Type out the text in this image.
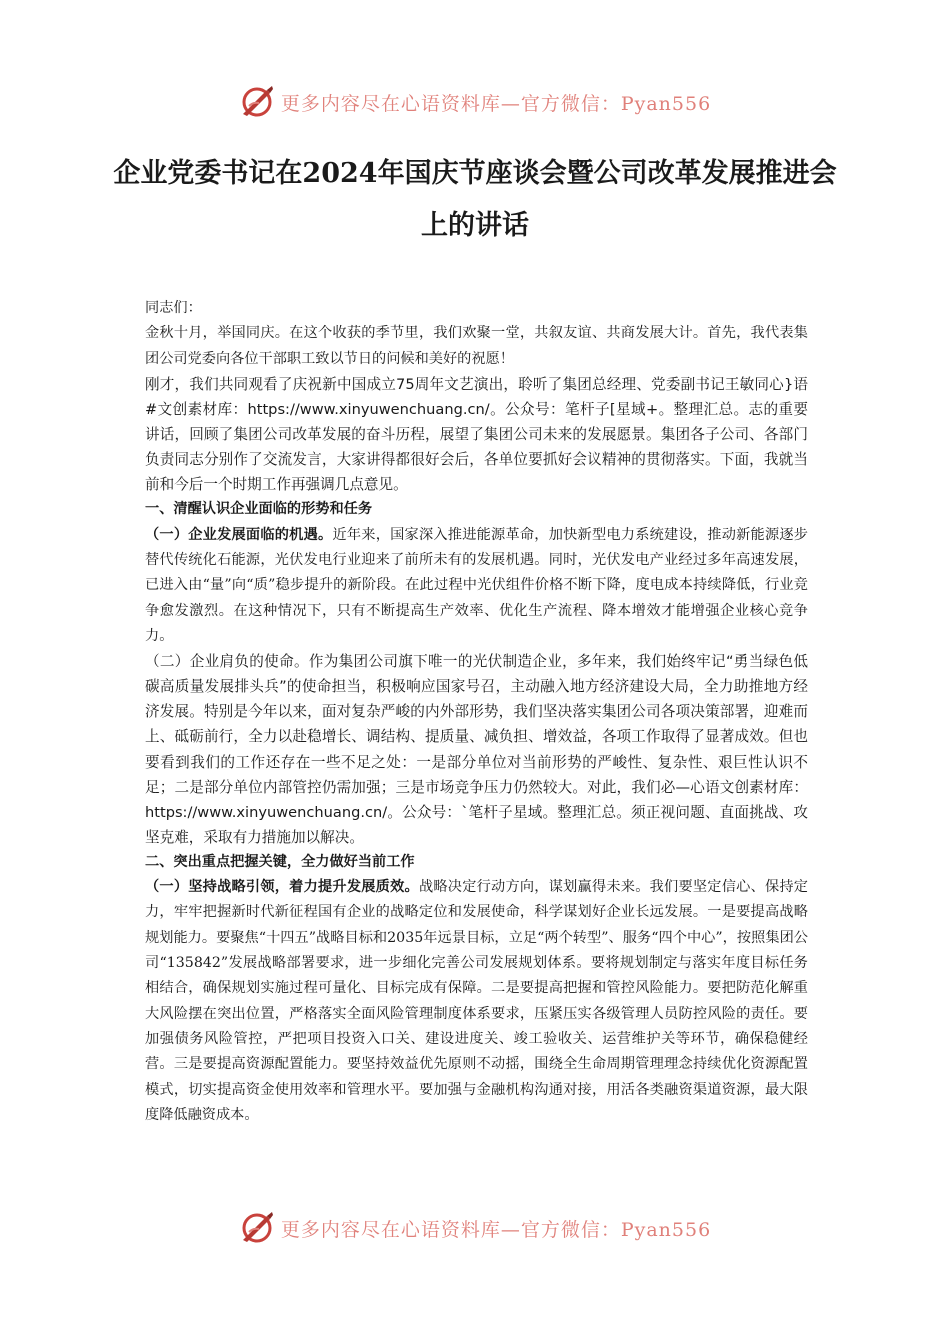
更多内容尽在心语资料库—官方微信：Pyan556
企业党委书记在2024年国庆节座谈会暨公司改革发展推进会上的讲话

同志们：

金秋十月，举国同庆。在这个收获的季节里，我们欢聚一堂，共叙友谊、共商发展大计。首先，我代表集团公司党委向各位干部职工致以节日的问候和美好的祝愿！

刚才，我们共同观看了庆祝新中国成立75周年文艺演出，聆听了集团总经理、党委副书记王敏同心}语#文创素材库：https://www.xinyuwenchuang.cn/。公众号：笔杆子[星域+。整理汇总。志的重要讲话，回顾了集团公司改革发展的奋斗历程，展望了集团公司未来的发展愿景。集团各子公司、各部门负责同志分别作了交流发言，大家讲得都很好会后，各单位要抓好会议精神的贯彻落实。下面，我就当前和今后一个时期工作再强调几点意见。

一、清醒认识企业面临的形势和任务

（一）企业发展面临的机遇。近年来，国家深入推进能源革命，加快新型电力系统建设，推动新能源逐步替代传统化石能源，光伏发电行业迎来了前所未有的发展机遇。同时，光伏发电产业经过多年高速发展，已进入由“量”向“质”稳步提升的新阶段。在此过程中光伏组件价格不断下降，度电成本持续降低，行业竞争愈发激烈。在这种情况下，只有不断提高生产效率、优化生产流程、降本增效才能增强企业核心竞争力。

（二）企业肩负的使命。作为集团公司旗下唯一的光伏制造企业，多年来，我们始终牢记“勇当绿色低碳高质量发展排头兵”的使命担当，积极响应国家号召，主动融入地方经济建设大局，全力助推地方经济发展。特别是今年以来，面对复杂严峻的内外部形势，我们坚决落实集团公司各项决策部署，迎难而上、砥砺前行，全力以赴稳增长、调结构、提质量、减负担、增效益，各项工作取得了显著成效。但也要看到我们的工作还存在一些不足之处：一是部分单位对当前形势的严峻性、复杂性、艰巨性认识不足；二是部分单位内部管控仍需加强；三是市场竞争压力仍然较大。对此，我们必—心语文创素材库：https://www.xinyuwenchuang.cn/。公众号：`笔杆子星域。整理汇总。须正视问题、直面挑战、攻坚克难，采取有力措施加以解决。

二、突出重点把握关键，全力做好当前工作

（一）坚持战略引领，着力提升发展质效。战略决定行动方向，谋划赢得未来。我们要坚定信心、保持定力，牢牢把握新时代新征程国有企业的战略定位和发展使命，科学谋划好企业长远发展。一是要提高战略规划能力。要聚焦“十四五”战略目标和2035年远景目标，立足“两个转型”、服务“四个中心”，按照集团公司“135842”发展战略部署要求，进一步细化完善公司发展规划体系。要将规划制定与落实年度目标任务相结合，确保规划实施过程可量化、目标完成有保障。二是要提高把握和管控风险能力。要把防范化解重大风险摆在突出位置，严格落实全面风险管理制度体系要求，压紧压实各级管理人员防控风险的责任。要加强债务风险管控，严把项目投资入口关、建设进度关、竣工验收关、运营维护关等环节，确保稳健经营。三是要提高资源配置能力。要坚持效益优先原则不动摇，围绕全生命周期管理理念持续优化资源配置模式，切实提高资金使用效率和管理水平。要加强与金融机构沟通对接，用活各类融资渠道资源，最大限度降低融资成本。

更多内容尽在心语资料库—官方微信：Pyan556
